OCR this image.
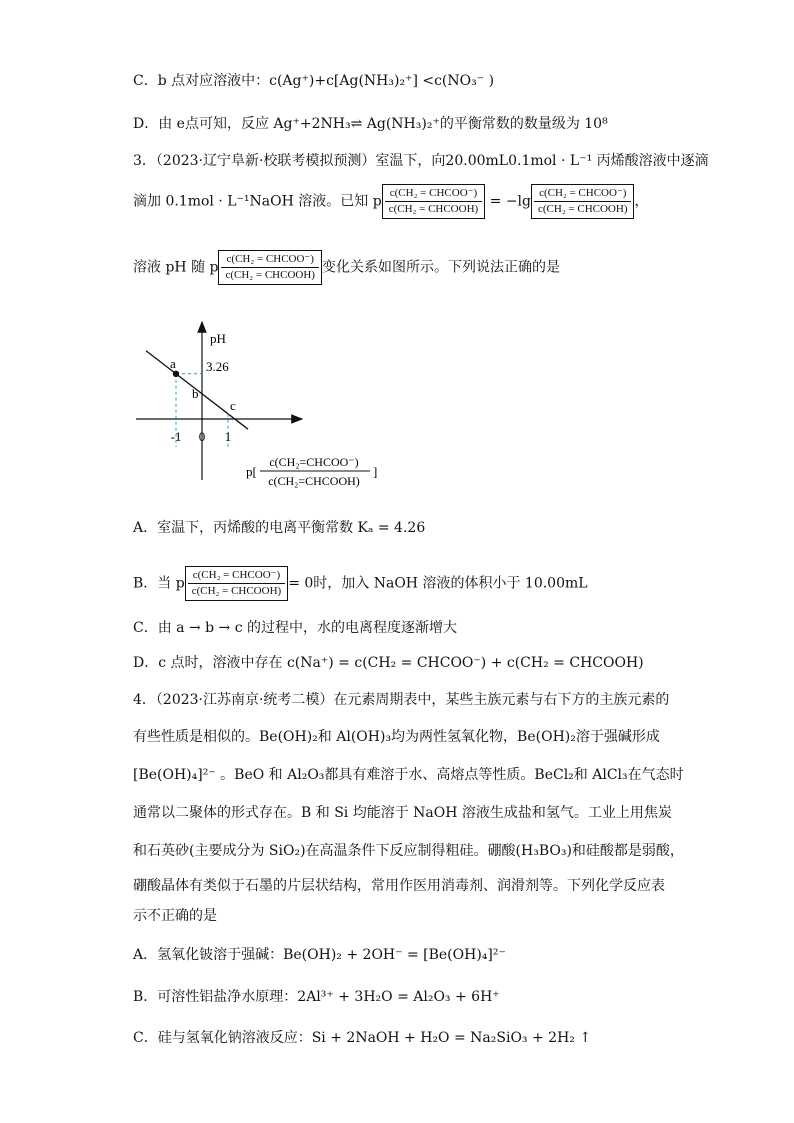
C．b 点对应溶液中：c(Ag⁺)+c[Ag(NH₃)₂⁺] <c(NO₃⁻ )
D．由 e点可知，反应 Ag⁺+2NH₃⇌ Ag(NH₃)₂⁺的平衡常数的数量级为 10⁸
3．（2023·辽宁阜新·校联考模拟预测）室温下，向20.00mL0.1mol · L⁻¹ 丙烯酸溶液中逐滴
滴加 0.1mol · L⁻¹NaOH 溶液。已知 p $\frac{\text{c(CH₂ = CHCOO⁻)}}{\text{c(CH₂ = CHCOOH)}} = -\lg \frac{\text{c(CH₂ = CHCOO⁻)}}{\text{c(CH₂ = CHCOOH)}}$ ，
溶液 pH 随 p $\frac{\text{c(CH₂ = CHCOO⁻)}}{\text{c(CH₂ = CHCOOH)}}$ 变化关系如图所示。下列说法正确的是
pH
a
b
c
3.26
-1 0 1
p[
c(CH₂=CHCOO⁻)
c(CH₂=CHCOOH)
]
A．室温下，丙烯酸的电离平衡常数 Kₐ = 4.26
B．当 p $\frac{\text{c(CH₂ = CHCOO⁻)}}{\text{c(CH₂ = CHCOOH)}} = 0$时，加入 NaOH 溶液的体积小于 10.00mL
C．由 a → b → c 的过程中，水的电离程度逐渐增大
D．c 点时，溶液中存在 c(Na⁺) = c(CH₂ = CHCOO⁻) + c(CH₂ = CHCOOH)
4．（2023·江苏南京·统考二模）在元素周期表中，某些主族元素与右下方的主族元素的
有些性质是相似的。Be(OH)₂和 Al(OH)₃均为两性氢氧化物，Be(OH)₂溶于强碱形成
[Be(OH)₄]²⁻ 。BeO 和 Al₂O₃都具有难溶于水、高熔点等性质。BeCl₂和 AlCl₃在气态时
通常以二聚体的形式存在。B 和 Si 均能溶于 NaOH 溶液生成盐和氢气。工业上用焦炭
和石英砂(主要成分为 SiO₂)在高温条件下反应制得粗硅。硼酸(H₃BO₃)和硅酸都是弱酸，
硼酸晶体有类似于石墨的片层状结构，常用作医用消毒剂、润滑剂等。下列化学反应表
示不正确的是
A．氢氧化铍溶于强碱：Be(OH)₂ + 2OH⁻ = [Be(OH)₄]²⁻
B．可溶性铝盐净水原理：2Al³⁺ + 3H₂O = Al₂O₃ + 6H⁺
C．硅与氢氧化钠溶液反应：Si + 2NaOH + H₂O = Na₂SiO₃ + 2H₂ ↑
